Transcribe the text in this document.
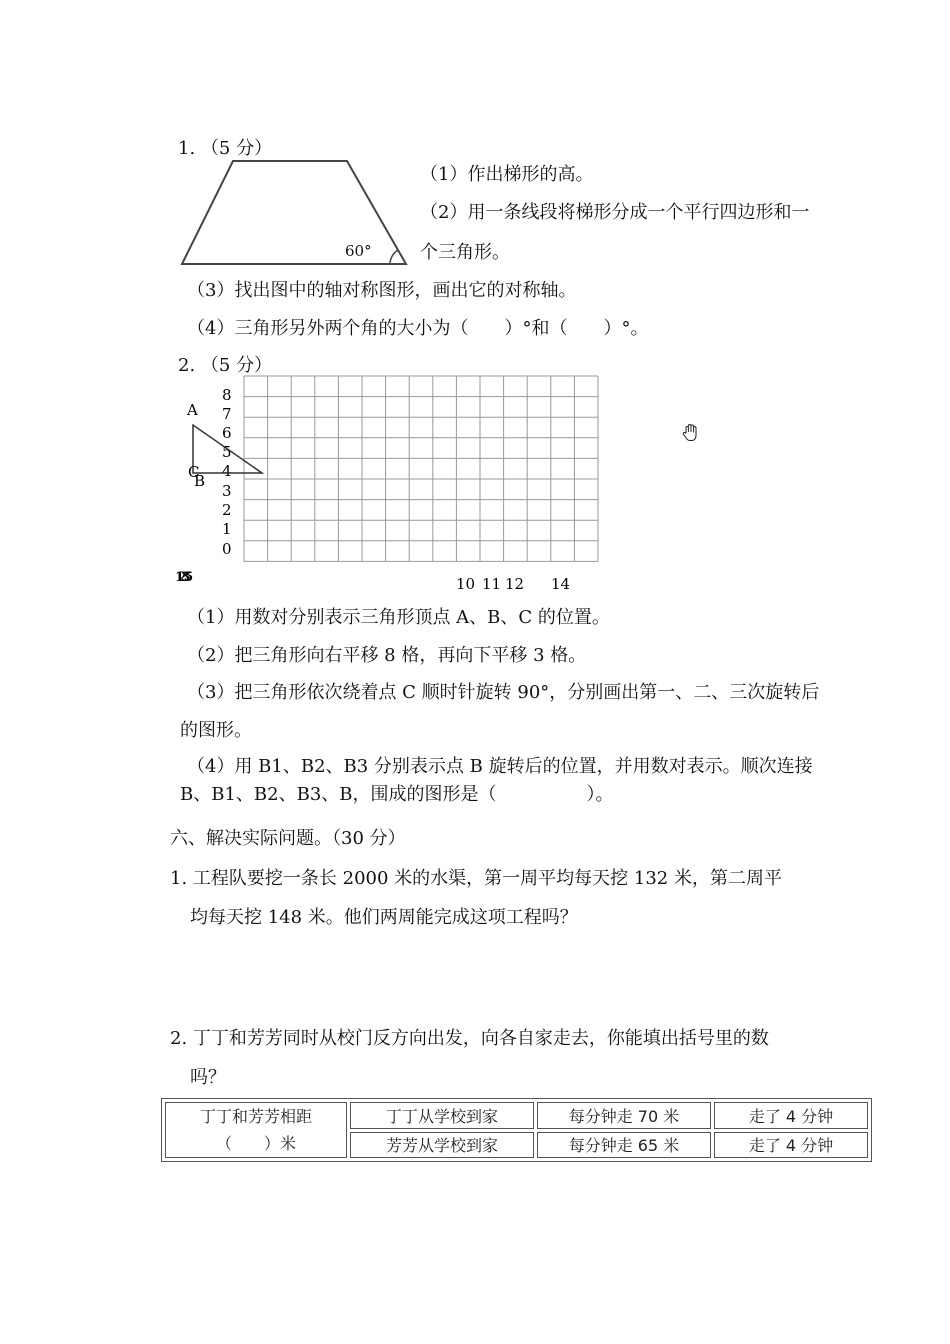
1. （5 分）
60°
（1）作出梯形的高。
（2）用一条线段将梯形分成一个平行四边形和一
个三角形。
（3）找出图中的轴对称图形，画出它的对称轴。
（4）三角形另外两个角的大小为（　　）°和（　　）°。
2. （5 分）
8
7
6
5
4
3
2
1
0
A
C
B
1235	10 11 12 14
（1）用数对分别表示三角形顶点 A、B、C 的位置。
（2）把三角形向右平移 8 格，再向下平移 3 格。
（3）把三角形依次绕着点 C 顺时针旋转 90°，分别画出第一、二、三次旋转后
的图形。
（4）用 B1、B2、B3 分别表示点 B 旋转后的位置，并用数对表示。顺次连接
B、B1、B2、B3、B，围成的图形是（　　　　　）。
六、解决实际问题。（30 分）
1. 工程队要挖一条长 2000 米的水渠，第一周平均每天挖 132 米，第二周平
均每天挖 148 米。他们两周能完成这项工程吗？
2. 丁丁和芳芳同时从校门反方向出发，向各自家走去，你能填出括号里的数
吗？
丁丁和芳芳相距
（　　）米	丁丁从学校到家	每分钟走 70 米	走了 4 分钟
	芳芳从学校到家	每分钟走 65 米	走了 4 分钟
